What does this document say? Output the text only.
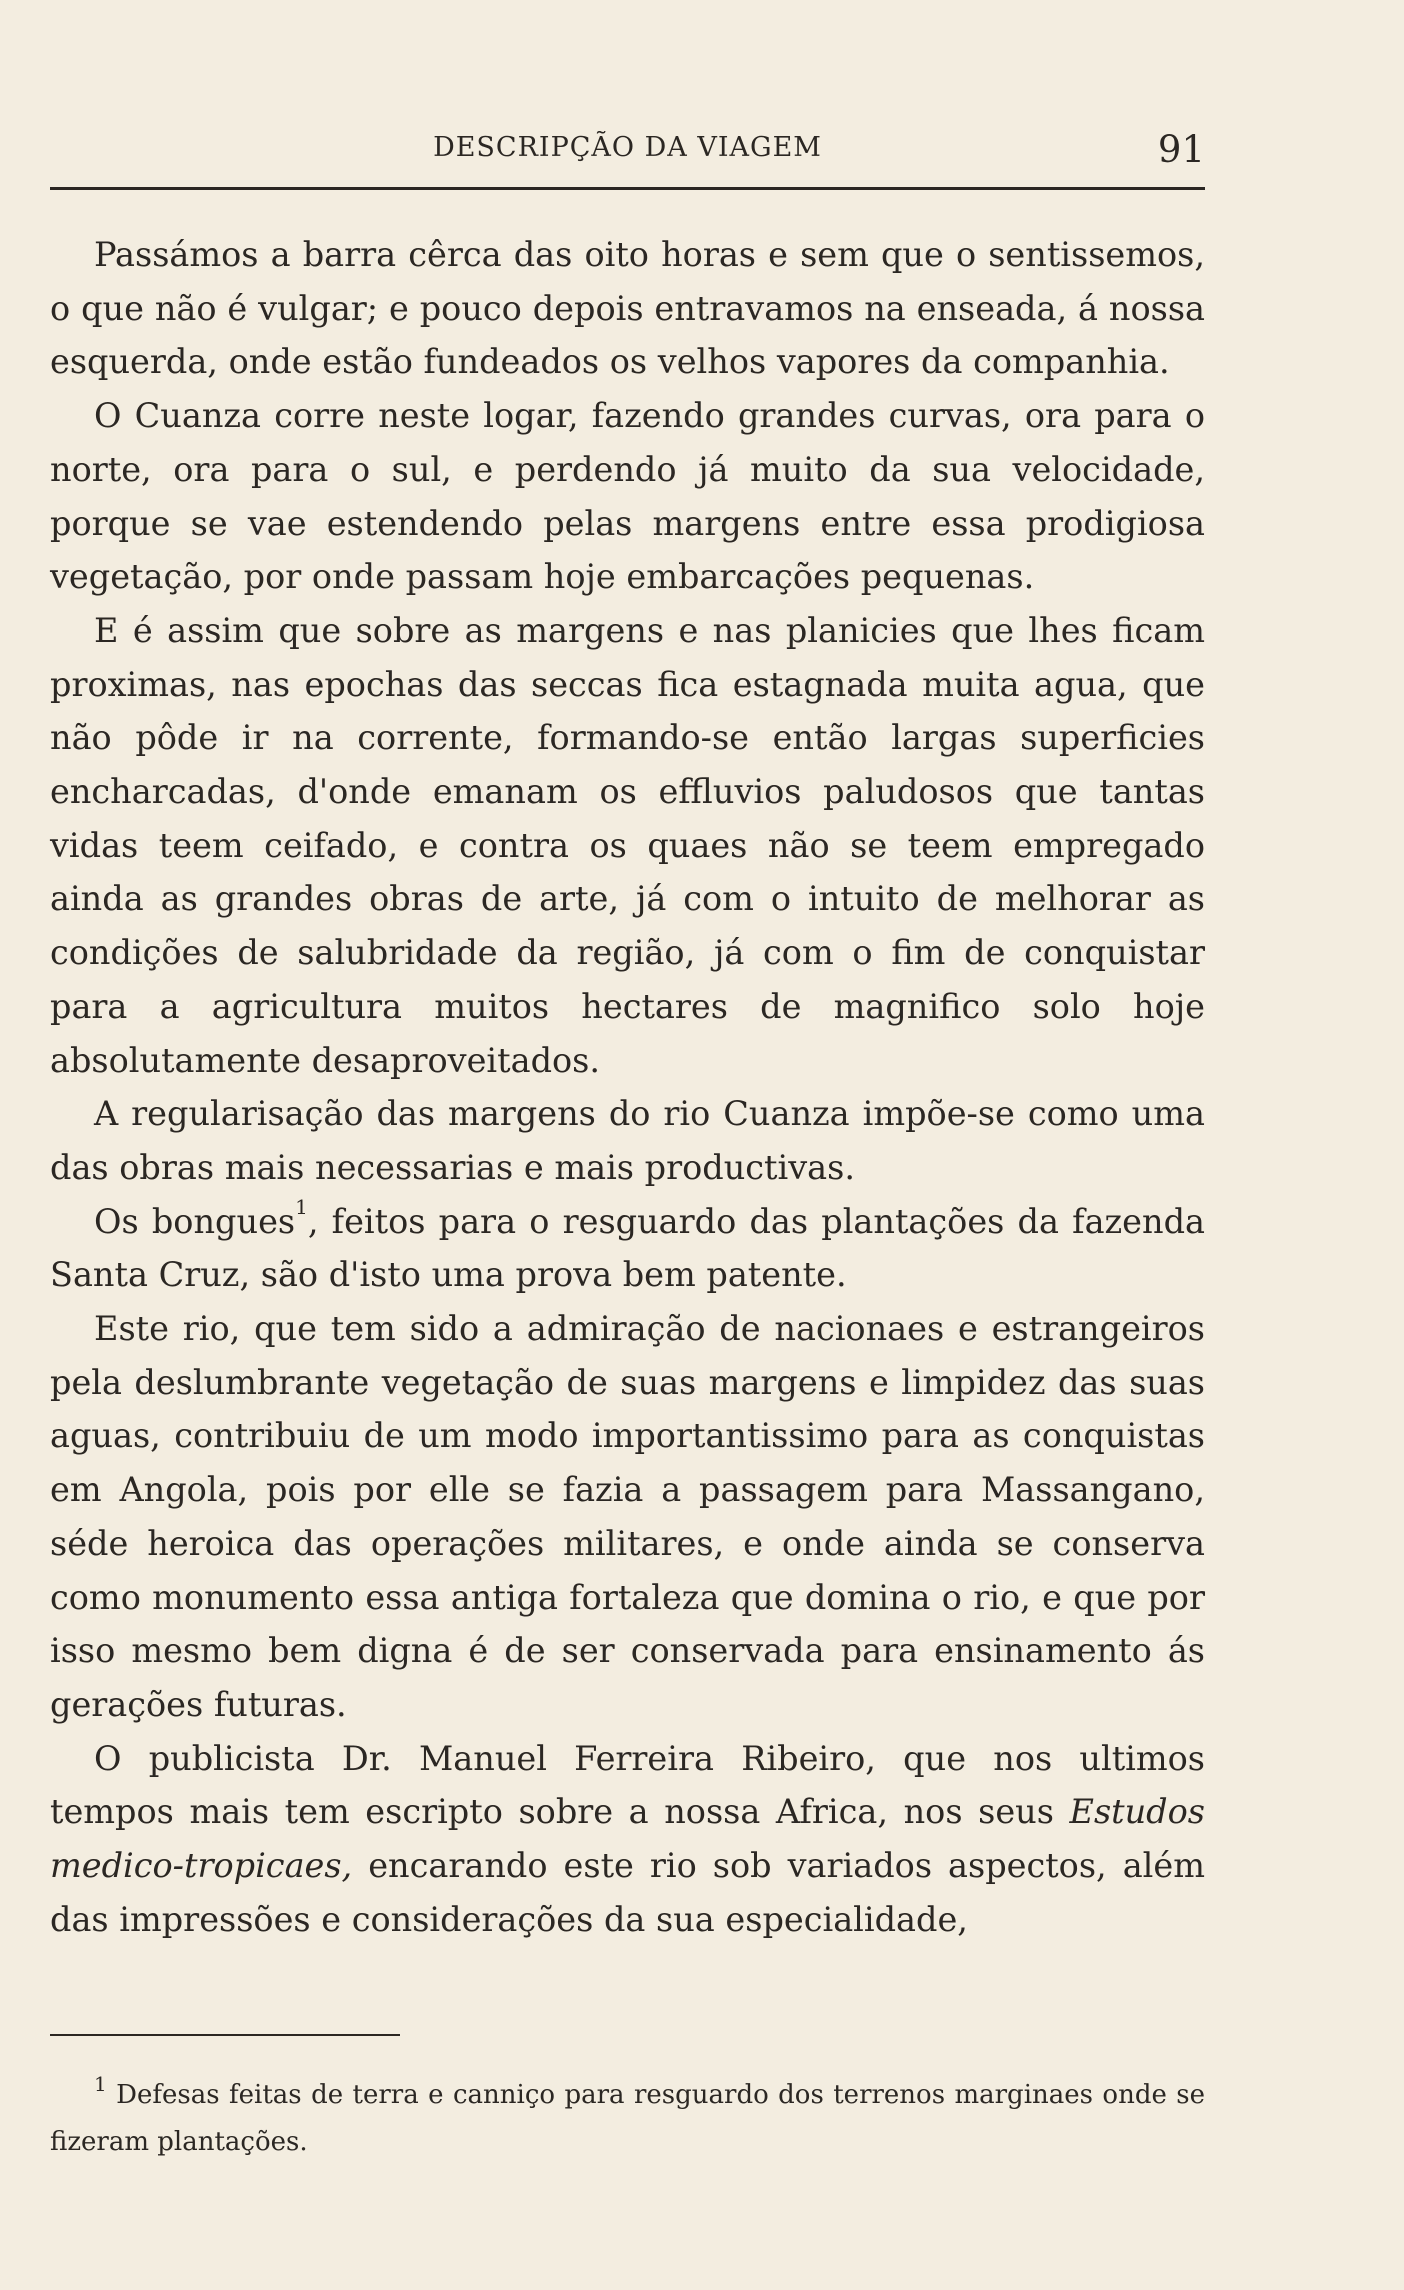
DESCRIPÇÃO DA VIAGEM	91

Passámos a barra cêrca das oito horas e sem que o sentissemos, o que não é vulgar; e pouco depois entravamos na enseada, á nossa esquerda, onde estão fundeados os velhos vapores da companhia.

O Cuanza corre neste logar, fazendo grandes curvas, ora para o norte, ora para o sul, e perdendo já muito da sua velocidade, porque se vae estendendo pelas margens entre essa prodigiosa vegetação, por onde passam hoje embarcações pequenas.

E é assim que sobre as margens e nas planicies que lhes ficam proximas, nas epochas das seccas fica estagnada muita agua, que não pôde ir na corrente, formando-se então largas superficies encharcadas, d'onde emanam os effluvios paludosos que tantas vidas teem ceifado, e contra os quaes não se teem empregado ainda as grandes obras de arte, já com o intuito de melhorar as condições de salubridade da região, já com o fim de conquistar para a agricultura muitos hectares de magnifico solo hoje absolutamente desaproveitados.

A regularisação das margens do rio Cuanza impõe-se como uma das obras mais necessarias e mais productivas.

Os bongues$^1$, feitos para o resguardo das plantações da fazenda Santa Cruz, são d'isto uma prova bem patente.

Este rio, que tem sido a admiração de nacionaes e estrangeiros pela deslumbrante vegetação de suas margens e limpidez das suas aguas, contribuiu de um modo importantissimo para as conquistas em Angola, pois por elle se fazia a passagem para Massangano, séde heroica das operações militares, e onde ainda se conserva como monumento essa antiga fortaleza que domina o rio, e que por isso mesmo bem digna é de ser conservada para ensinamento ás gerações futuras.

O publicista Dr. Manuel Ferreira Ribeiro, que nos ultimos tempos mais tem escripto sobre a nossa Africa, nos seus Estudos medico-tropicaes, encarando este rio sob variados aspectos, além das impressões e considerações da sua especialidade,

$^1$ Defesas feitas de terra e canniço para resguardo dos terrenos marginaes onde se fizeram plantações.
